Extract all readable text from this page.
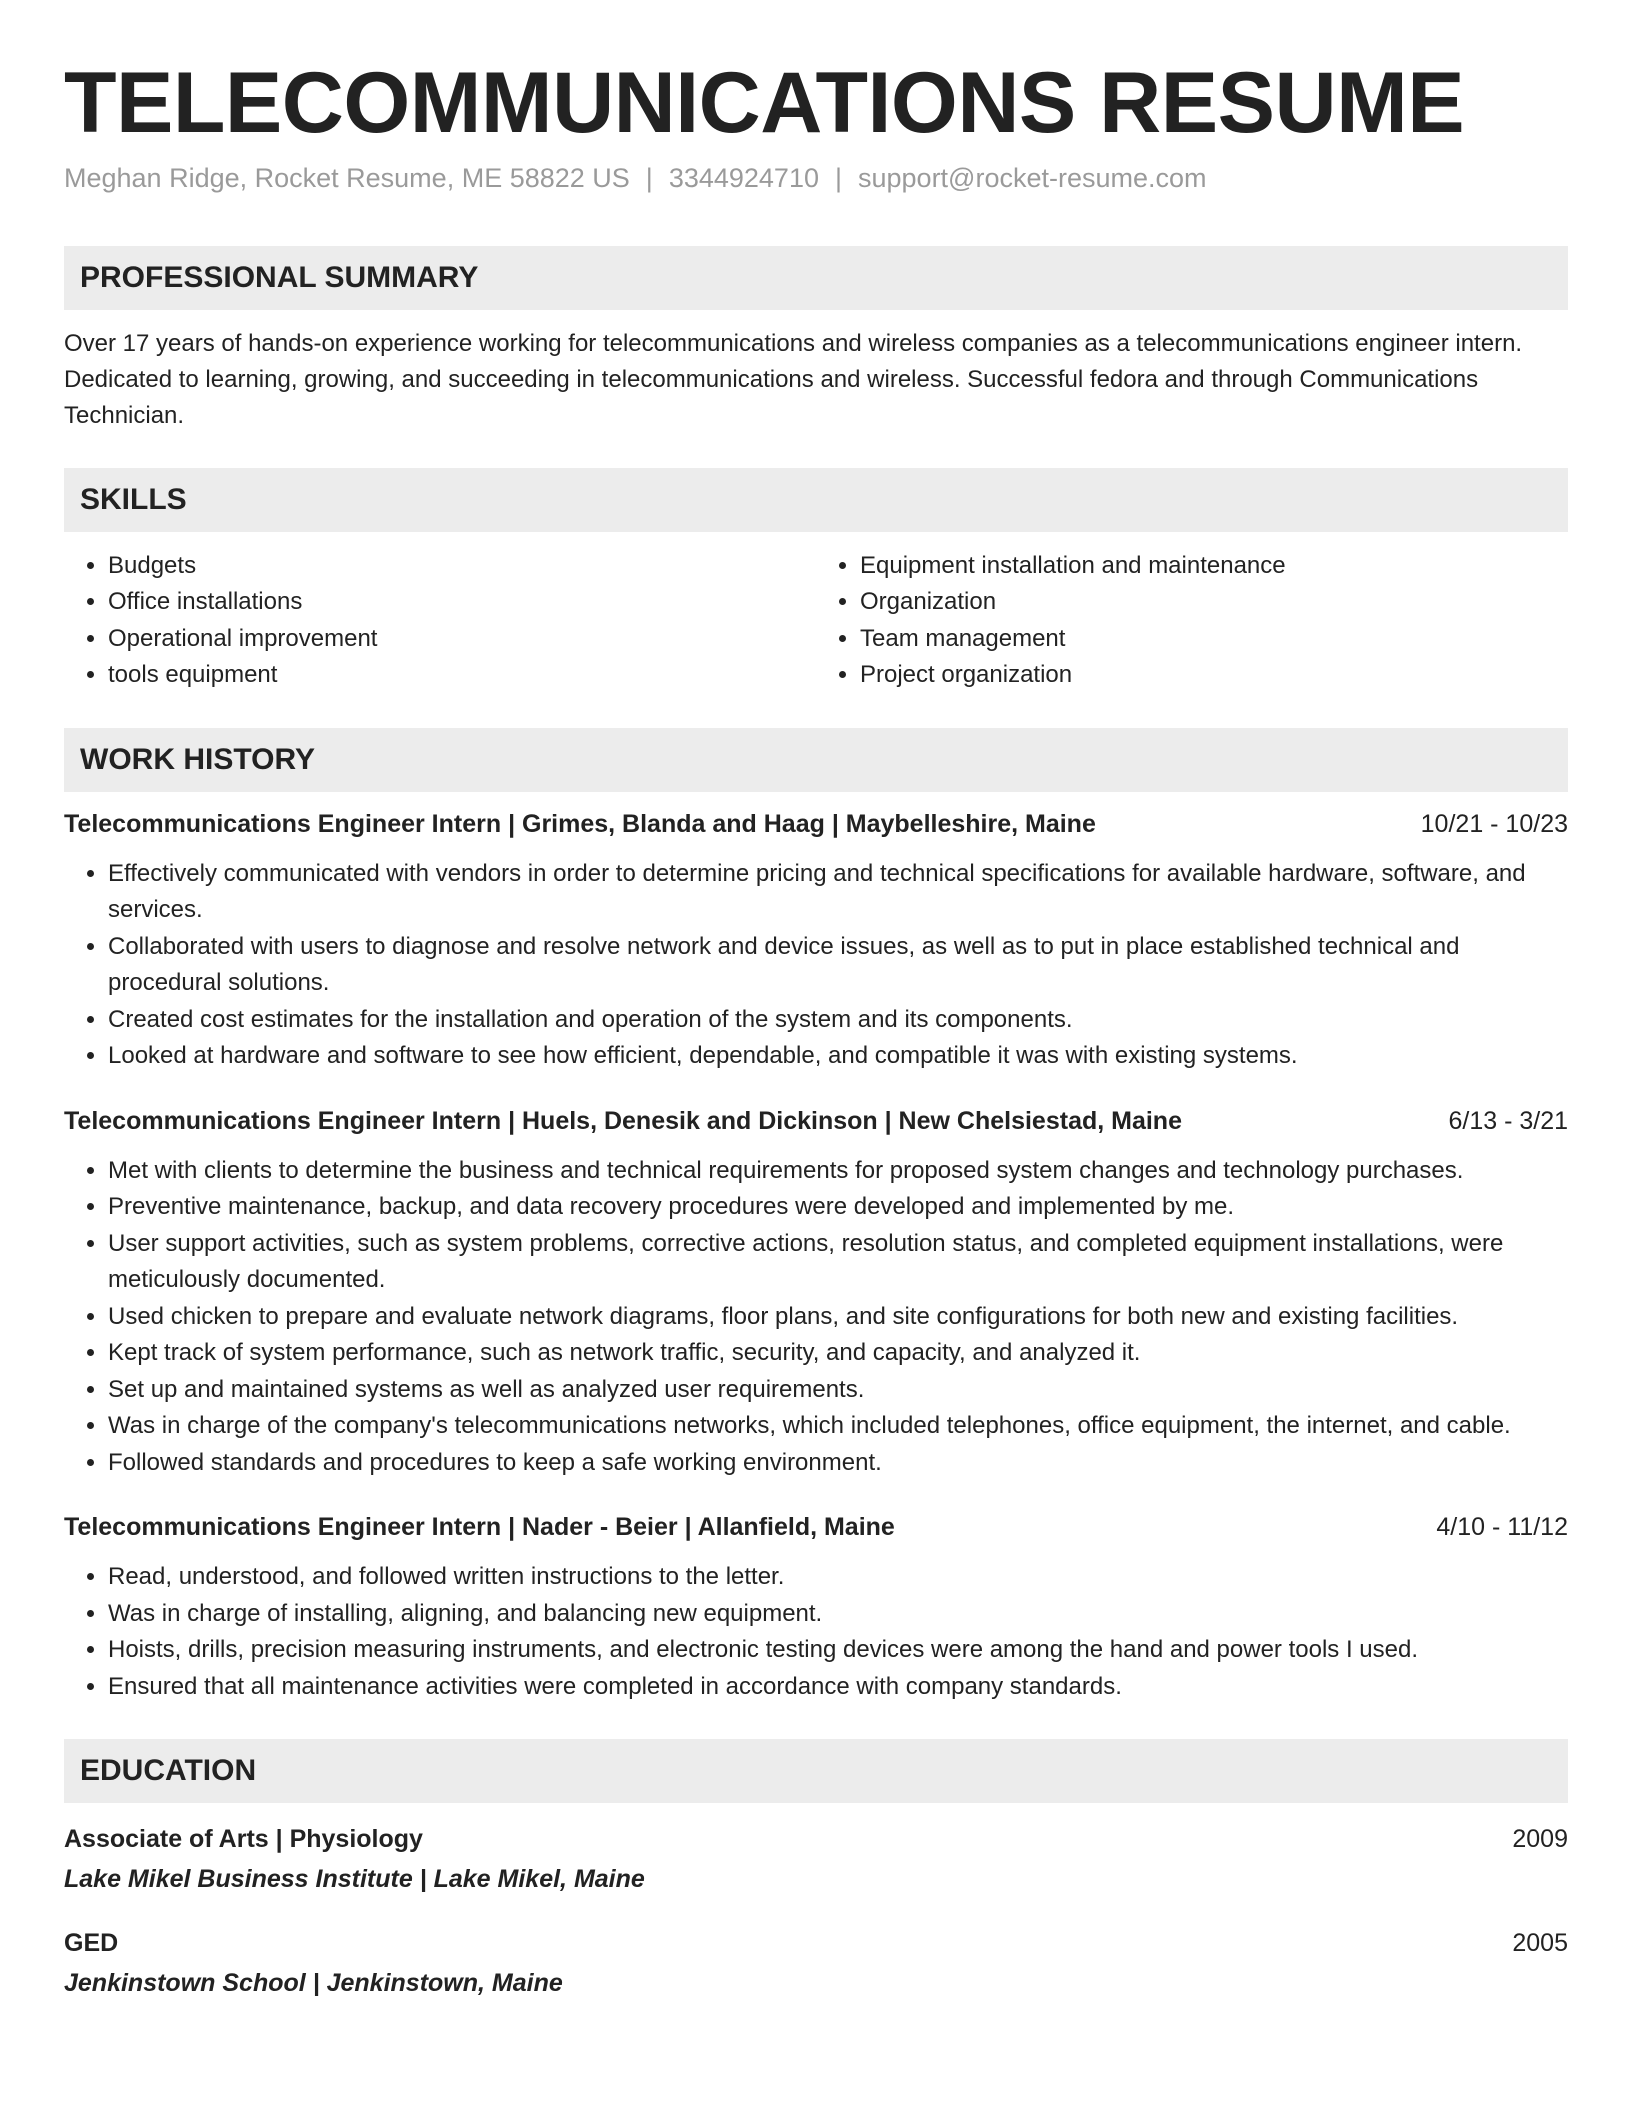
TELECOMMUNICATIONS RESUME
Meghan Ridge, Rocket Resume, ME 58822 US | 3344924710 | support@rocket-resume.com
PROFESSIONAL SUMMARY
Over 17 years of hands-on experience working for telecommunications and wireless companies as a telecommunications engineer intern. Dedicated to learning, growing, and succeeding in telecommunications and wireless. Successful fedora and through Communications Technician.
SKILLS
• Budgets
• Office installations
• Operational improvement
• tools equipment
• Equipment installation and maintenance
• Organization
• Team management
• Project organization
WORK HISTORY
Telecommunications Engineer Intern | Grimes, Blanda and Haag | Maybelleshire, Maine	10/21 - 10/23
• Effectively communicated with vendors in order to determine pricing and technical specifications for available hardware, software, and services.
• Collaborated with users to diagnose and resolve network and device issues, as well as to put in place established technical and procedural solutions.
• Created cost estimates for the installation and operation of the system and its components.
• Looked at hardware and software to see how efficient, dependable, and compatible it was with existing systems.
Telecommunications Engineer Intern | Huels, Denesik and Dickinson | New Chelsiestad, Maine	6/13 - 3/21
• Met with clients to determine the business and technical requirements for proposed system changes and technology purchases.
• Preventive maintenance, backup, and data recovery procedures were developed and implemented by me.
• User support activities, such as system problems, corrective actions, resolution status, and completed equipment installations, were meticulously documented.
• Used chicken to prepare and evaluate network diagrams, floor plans, and site configurations for both new and existing facilities.
• Kept track of system performance, such as network traffic, security, and capacity, and analyzed it.
• Set up and maintained systems as well as analyzed user requirements.
• Was in charge of the company's telecommunications networks, which included telephones, office equipment, the internet, and cable.
• Followed standards and procedures to keep a safe working environment.
Telecommunications Engineer Intern | Nader - Beier | Allanfield, Maine	4/10 - 11/12
• Read, understood, and followed written instructions to the letter.
• Was in charge of installing, aligning, and balancing new equipment.
• Hoists, drills, precision measuring instruments, and electronic testing devices were among the hand and power tools I used.
• Ensured that all maintenance activities were completed in accordance with company standards.
EDUCATION
Associate of Arts | Physiology	2009
Lake Mikel Business Institute | Lake Mikel, Maine
GED	2005
Jenkinstown School | Jenkinstown, Maine
